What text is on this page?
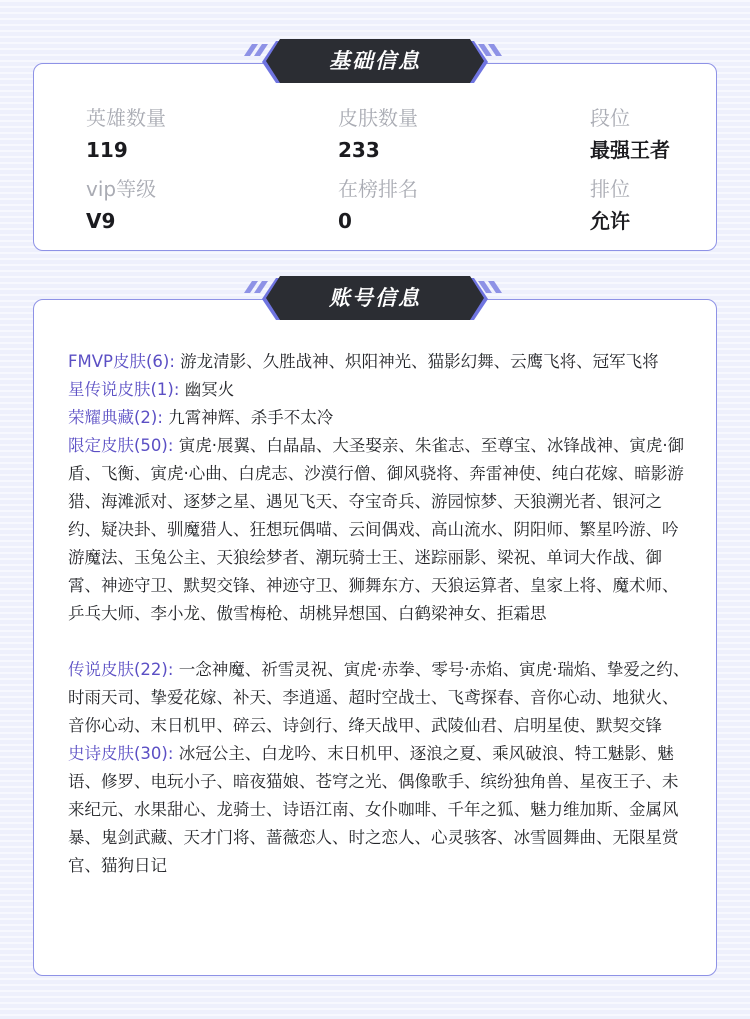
基础信息
英雄数量
119
皮肤数量
233
段位
最强王者
vip等级
V9
在榜排名
0
排位
允许
账号信息
FMVP皮肤(6): 游龙清影、久胜战神、炽阳神光、猫影幻舞、云鹰飞将、冠军飞将
星传说皮肤(1): 幽冥火
荣耀典藏(2): 九霄神辉、杀手不太冷
限定皮肤(50): 寅虎·展翼、白晶晶、大圣娶亲、朱雀志、至尊宝、冰锋战神、寅虎·御盾、飞衡、寅虎·心曲、白虎志、沙漠行僧、御风骁将、奔雷神使、纯白花嫁、暗影游猎、海滩派对、逐梦之星、遇见飞天、夺宝奇兵、游园惊梦、天狼溯光者、银河之约、疑决卦、驯魔猎人、狂想玩偶喵、云间偶戏、高山流水、阴阳师、繁星吟游、吟游魔法、玉兔公主、天狼绘梦者、潮玩骑士王、迷踪丽影、梁祝、单词大作战、御霄、神迹守卫、默契交锋、神迹守卫、狮舞东方、天狼运算者、皇家上将、魔术师、乒乓大师、李小龙、傲雪梅枪、胡桃异想国、白鹤梁神女、拒霜思
传说皮肤(22): 一念神魔、祈雪灵祝、寅虎·赤拳、零号·赤焰、寅虎·瑞焰、挚爱之约、时雨天司、挚爱花嫁、补天、李逍遥、超时空战士、飞鸢探春、音你心动、地狱火、音你心动、末日机甲、碎云、诗剑行、绛天战甲、武陵仙君、启明星使、默契交锋
史诗皮肤(30): 冰冠公主、白龙吟、末日机甲、逐浪之夏、乘风破浪、特工魅影、魅语、修罗、电玩小子、暗夜猫娘、苍穹之光、偶像歌手、缤纷独角兽、星夜王子、未来纪元、水果甜心、龙骑士、诗语江南、女仆咖啡、千年之狐、魅力维加斯、金属风暴、鬼剑武藏、天才门将、蔷薇恋人、时之恋人、心灵骇客、冰雪圆舞曲、无限星赏官、猫狗日记
